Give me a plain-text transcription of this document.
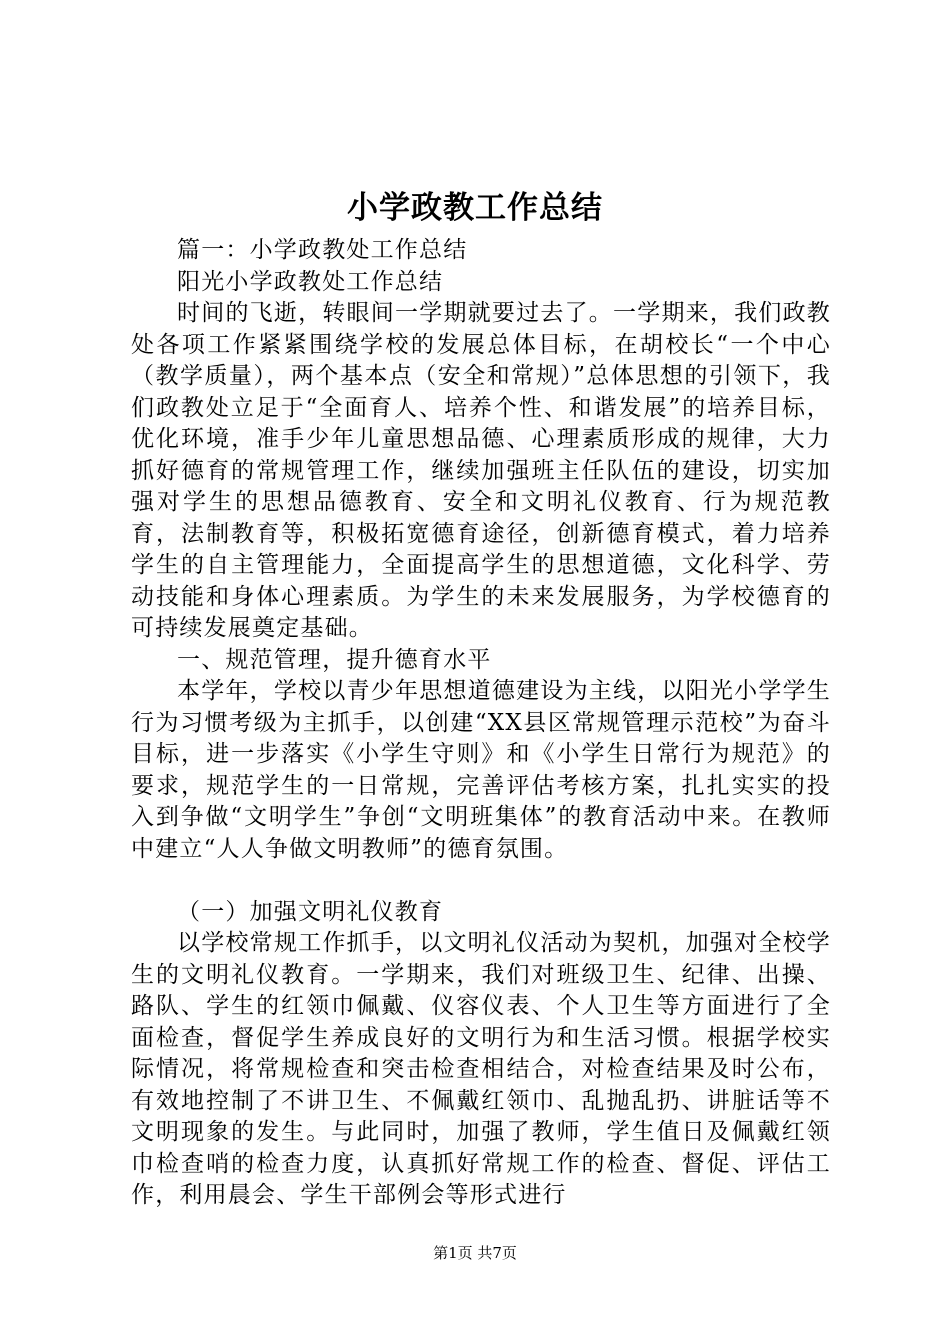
小学政教工作总结

篇一：小学政教处工作总结

阳光小学政教处工作总结

时间的飞逝，转眼间一学期就要过去了。一学期来，我们政教处各项工作紧紧围绕学校的发展总体目标，在胡校长“一个中心（教学质量），两个基本点（安全和常规）”总体思想的引领下，我们政教处立足于“全面育人、培养个性、和谐发展”的培养目标，优化环境，准手少年儿童思想品德、心理素质形成的规律，大力抓好德育的常规管理工作，继续加强班主任队伍的建设，切实加强对学生的思想品德教育、安全和文明礼仪教育、行为规范教育，法制教育等，积极拓宽德育途径，创新德育模式，着力培养学生的自主管理能力，全面提高学生的思想道德，文化科学、劳动技能和身体心理素质。为学生的未来发展服务，为学校德育的可持续发展奠定基础。

一、规范管理，提升德育水平

本学年，学校以青少年思想道德建设为主线，以阳光小学学生行为习惯考级为主抓手，以创建“XX县区常规管理示范校”为奋斗目标，进一步落实《小学生守则》和《小学生日常行为规范》的要求，规范学生的一日常规，完善评估考核方案，扎扎实实的投入到争做“文明学生”争创“文明班集体”的教育活动中来。在教师中建立“人人争做文明教师”的德育氛围。

（一）加强文明礼仪教育

以学校常规工作抓手，以文明礼仪活动为契机，加强对全校学生的文明礼仪教育。一学期来，我们对班级卫生、纪律、出操、路队、学生的红领巾佩戴、仪容仪表、个人卫生等方面进行了全面检查，督促学生养成良好的文明行为和生活习惯。根据学校实际情况，将常规检查和突击检查相结合，对检查结果及时公布，有效地控制了不讲卫生、不佩戴红领巾、乱抛乱扔、讲脏话等不文明现象的发生。与此同时，加强了教师，学生值日及佩戴红领巾检查哨的检查力度，认真抓好常规工作的检查、督促、评估工作，利用晨会、学生干部例会等形式进行

第1页 共7页
